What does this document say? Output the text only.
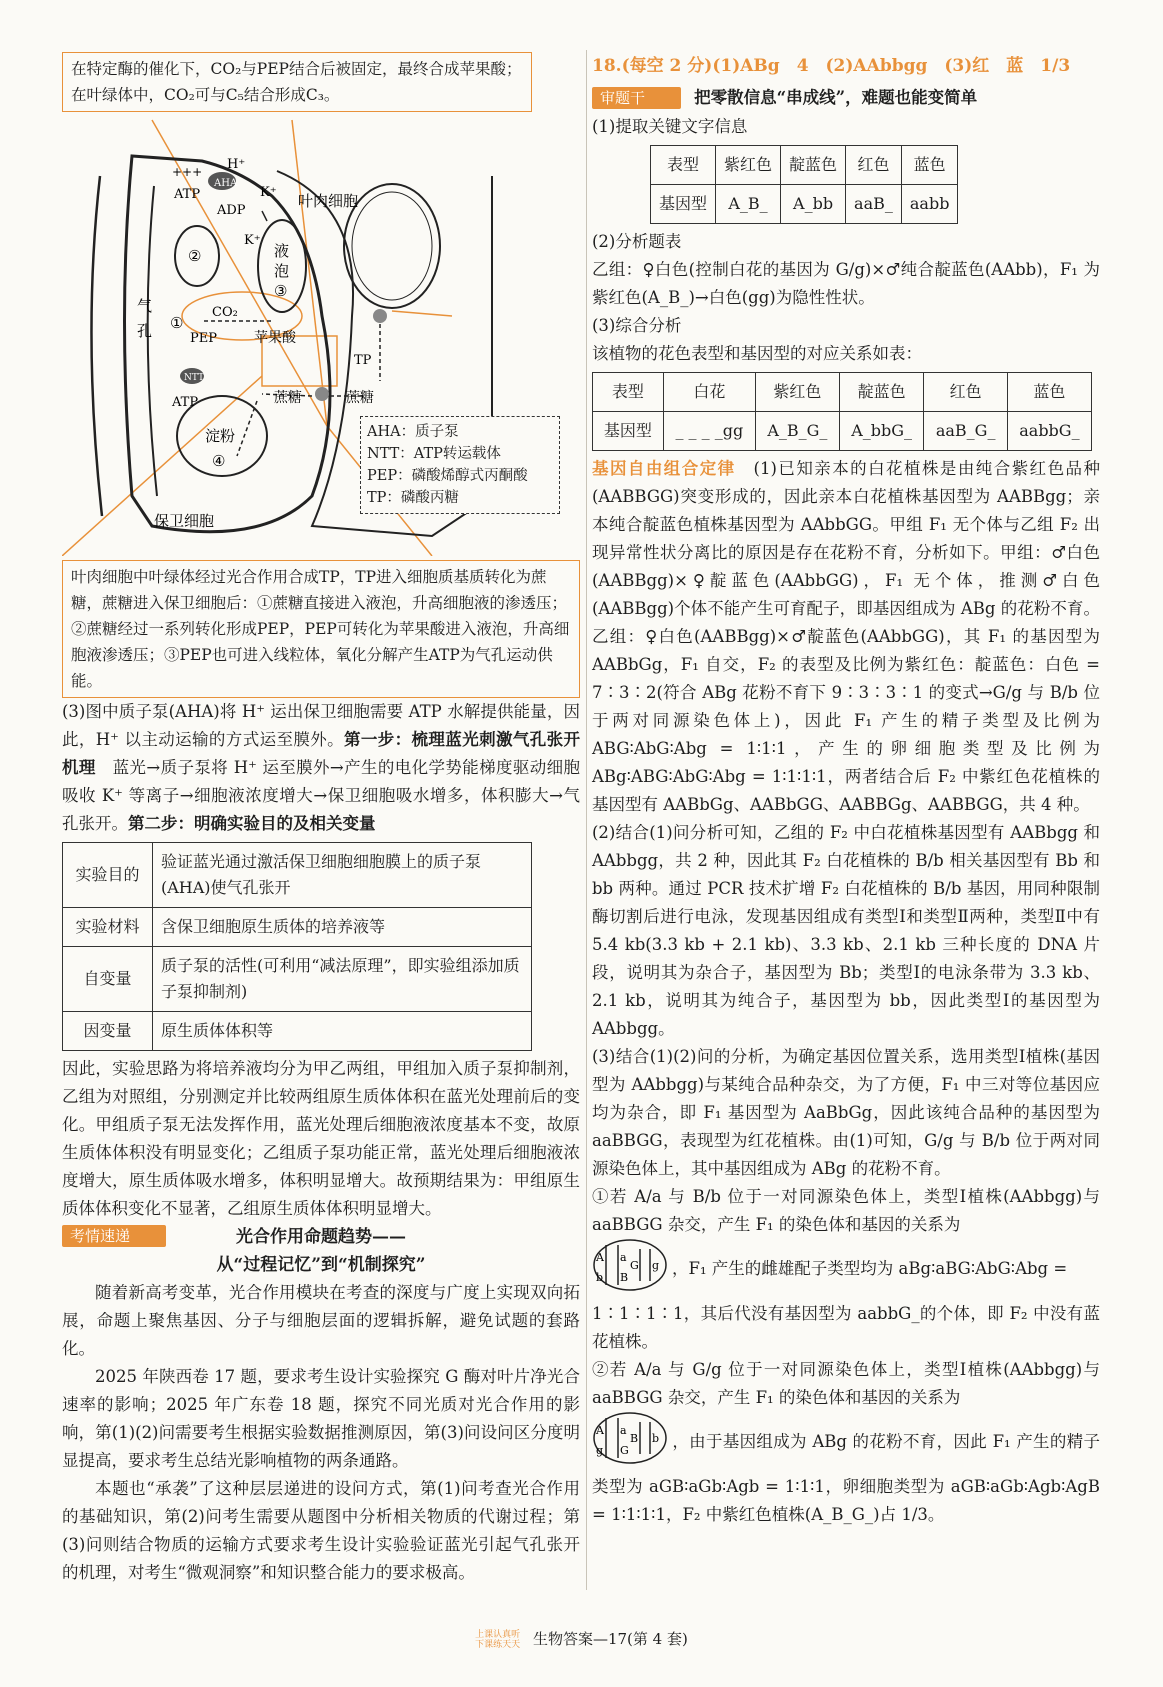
在特定酶的催化下，CO₂与PEP结合后被固定，最终合成苹果酸；
在叶绿体中，CO₂可与C₅结合形成C₃。
H⁺
+++
AHA
ATP
ADP
K⁺
K⁺
叶肉细胞
②	液
泡
③
气
孔 ①
CO₂
PEP	苹果酸
TP
蔗糖	蔗糖
ATP
NTT
淀粉
④
保卫细胞
AHA：质子泵
NTT：ATP转运载体
PEP：磷酸烯醇式丙酮酸
TP：磷酸丙糖
叶肉细胞中叶绿体经过光合作用合成TP，TP进入细胞质基质转化为蔗糖，蔗糖进入保卫细胞后：①蔗糖直接进入液泡，升高细胞液的渗透压；②蔗糖经过一系列转化形成PEP，PEP可转化为苹果酸进入液泡，升高细胞液渗透压；③PEP也可进入线粒体，氧化分解产生ATP为气孔运动供能。

(3)图中质子泵(AHA)将 H⁺ 运出保卫细胞需要 ATP 水解提供能量，因此，H⁺ 以主动运输的方式运至膜外。第一步：梳理蓝光刺激气孔张开机理　蓝光→质子泵将 H⁺ 运至膜外→产生的电化学势能梯度驱动细胞吸收 K⁺ 等离子→细胞液浓度增大→保卫细胞吸水增多，体积膨大→气孔张开。第二步：明确实验目的及相关变量

实验目的	验证蓝光通过激活保卫细胞细胞膜上的质子泵(AHA)使气孔张开
实验材料	含保卫细胞原生质体的培养液等
自变量	质子泵的活性(可利用“减法原理”，即实验组添加质子泵抑制剂)
因变量	原生质体体积等

因此，实验思路为将培养液均分为甲乙两组，甲组加入质子泵抑制剂，乙组为对照组，分别测定并比较两组原生质体体积在蓝光处理前后的变化。甲组质子泵无法发挥作用，蓝光处理后细胞液浓度基本不变，故原生质体体积没有明显变化；乙组质子泵功能正常，蓝光处理后细胞液浓度增大，原生质体吸水增多，体积明显增大。故预期结果为：甲组原生质体体积变化不显著，乙组原生质体体积明显增大。

考情速递	光合作用命题趋势——
从“过程记忆”到“机制探究”

随着新高考变革，光合作用模块在考查的深度与广度上实现双向拓展，命题上聚焦基因、分子与细胞层面的逻辑拆解，避免试题的套路化。

2025 年陕西卷 17 题，要求考生设计实验探究 G 酶对叶片净光合速率的影响；2025 年广东卷 18 题，探究不同光质对光合作用的影响，第(1)(2)问需要考生根据实验数据推测原因，第(3)问设问区分度明显提高，要求考生总结光影响植物的两条通路。

本题也“承袭”了这种层层递进的设问方式，第(1)问考查光合作用的基础知识，第(2)问考生需要从题图中分析相关物质的代谢过程；第(3)问则结合物质的运输方式要求考生设计实验验证蓝光引起气孔张开的机理，对考生“微观洞察”和知识整合能力的要求极高。

18.(每空 2 分)(1)ABg　4　(2)AAbbgg　(3)红　蓝　1/3
审题干	把零散信息“串成线”，难题也能变简单

(1)提取关键文字信息

表型	紫红色	靛蓝色	红色	蓝色
基因型	A_B_	A_bb	aaB_	aabb

(2)分析题表

乙组：♀白色(控制白花的基因为 G/g)×♂纯合靛蓝色(AAbb)，F₁ 为紫红色(A_B_)→白色(gg)为隐性性状。

(3)综合分析

该植物的花色表型和基因型的对应关系如表：

表型	白花	紫红色	靛蓝色	红色	蓝色
基因型	_ _ _ _gg	A_B_G_	A_bbG_	aaB_G_	aabbG_

基因自由组合定律　(1)已知亲本的白花植株是由纯合紫红色品种(AABBGG)突变形成的，因此亲本白花植株基因型为 AABBgg；亲本纯合靛蓝色植株基因型为 AAbbGG。甲组 F₁ 无个体与乙组 F₂ 出现异常性状分离比的原因是存在花粉不育，分析如下。甲组：♂白色(AABBgg)×♀靛蓝色(AAbbGG)，F₁ 无个体，推测♂白色(AABBgg)个体不能产生可育配子，即基因组成为 ABg 的花粉不育。乙组：♀白色(AABBgg)×♂靛蓝色(AAbbGG)，其 F₁ 的基因型为 AABbGg，F₁ 自交，F₂ 的表型及比例为紫红色：靛蓝色：白色 = 7∶3∶2(符合 ABg 花粉不育下 9∶3∶3∶1 的变式→G/g 与 B/b 位于两对同源染色体上)，因此 F₁ 产生的精子类型及比例为 ABG∶AbG∶Abg = 1∶1∶1，产生的卵细胞类型及比例为 ABg∶ABG∶AbG∶Abg = 1∶1∶1∶1，两者结合后 F₂ 中紫红色花植株的基因型有 AABbGg、AABbGG、AABBGg、AABBGG，共 4 种。

(2)结合(1)问分析可知，乙组的 F₂ 中白花植株基因型有 AABbgg 和 AAbbgg，共 2 种，因此其 F₂ 白花植株的 B/b 相关基因型有 Bb 和 bb 两种。通过 PCR 技术扩增 F₂ 白花植株的 B/b 基因，用同种限制酶切割后进行电泳，发现基因组成有类型Ⅰ和类型Ⅱ两种，类型Ⅱ中有 5.4 kb(3.3 kb + 2.1 kb)、3.3 kb、2.1 kb 三种长度的 DNA 片段，说明其为杂合子，基因型为 Bb；类型Ⅰ的电泳条带为 3.3 kb、2.1 kb，说明其为纯合子，基因型为 bb，因此类型Ⅰ的基因型为 AAbbgg。

(3)结合(1)(2)问的分析，为确定基因位置关系，选用类型Ⅰ植株(基因型为 AAbbgg)与某纯合品种杂交，为了方便，F₁ 中三对等位基因应均为杂合，即 F₁ 基因型为 AaBbGg，因此该纯合品种的基因型为 aaBBGG，表现型为红花植株。由(1)可知，G/g 与 B/b 位于两对同源染色体上，其中基因组成为 ABg 的花粉不育。

①若 A/a 与 B/b 位于一对同源染色体上，类型Ⅰ植株(AAbbgg)与 aaBBGG 杂交，产生 F₁ 的染色体和基因的关系为

A
b
a
B
G g ，F₁ 产生的雌雄配子类型均为 aBg∶aBG∶AbG∶Abg =

1∶1∶1∶1，其后代没有基因型为 aabbG_的个体，即 F₂ 中没有蓝花植株。

②若 A/a 与 G/g 位于一对同源染色体上，类型Ⅰ植株(AAbbgg)与 aaBBGG 杂交，产生 F₁ 的染色体和基因的关系为

A
g
a
G
B b ，由于基因组成为 ABg 的花粉不育，因此 F₁ 产生的精子类型为 aGB∶aGb∶Agb = 1∶1∶1，卵细胞类型为 aGB∶aGb∶Agb∶AgB = 1∶1∶1∶1，F₂ 中紫红色植株(A_B_G_)占 1/3。

上课认真听
下课练天天 生物答案—17(第 4 套)
